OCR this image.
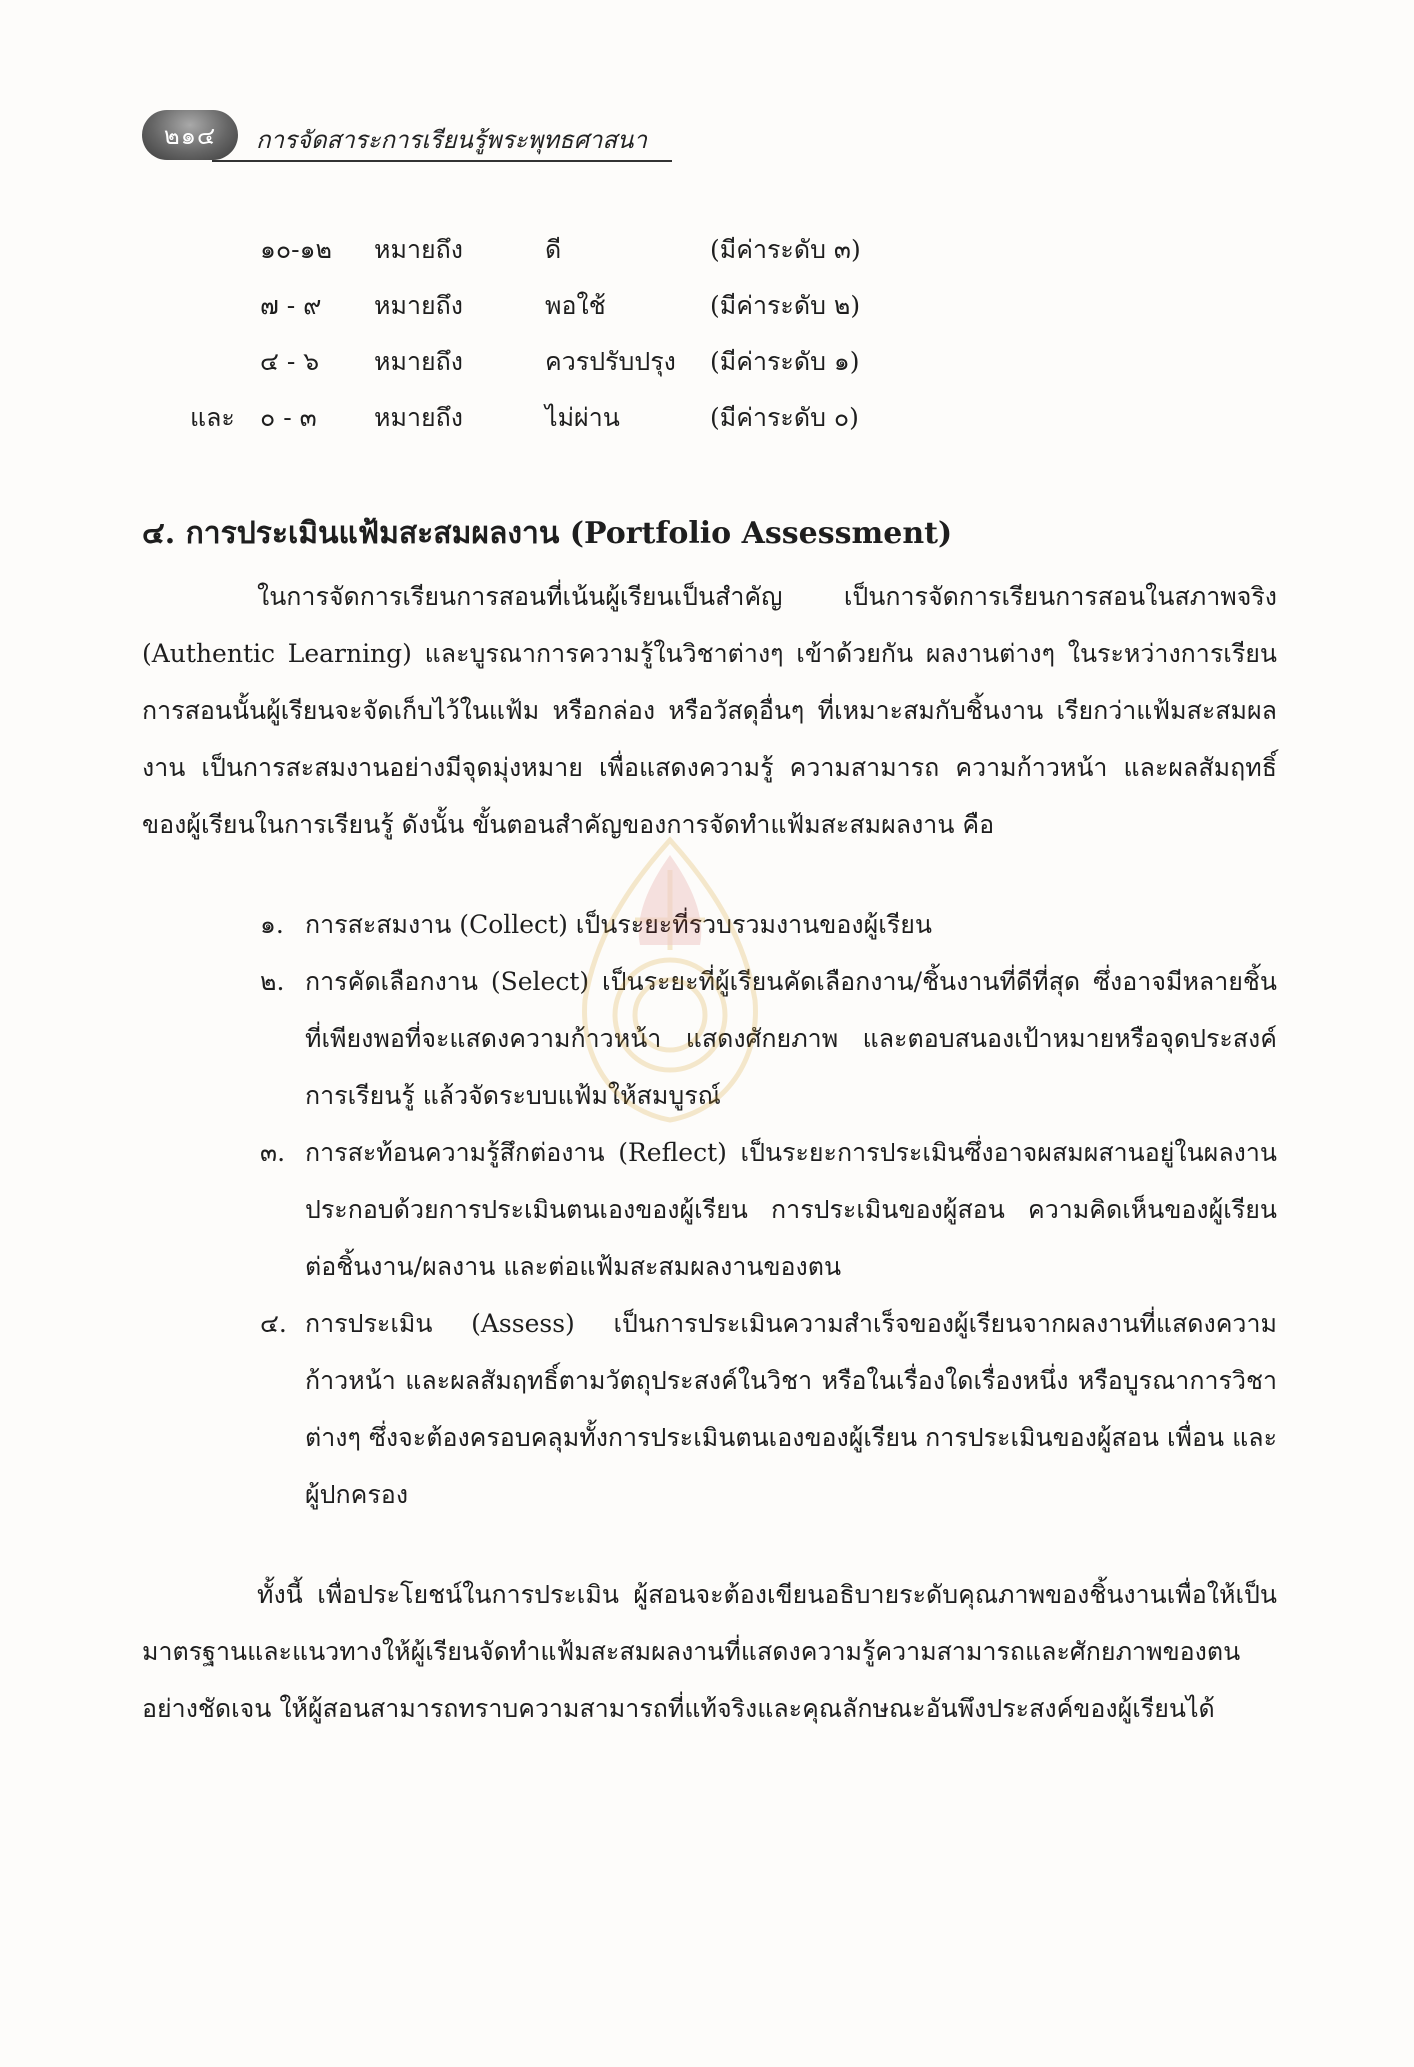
๒๑๔	การจัดสาระการเรียนรู้พระพุทธศาสนา
๑๐-๑๒ หมายถึง	ดี	(มีค่าระดับ ๓)
๗ - ๙ หมายถึง	พอใช้	(มีค่าระดับ ๒)
๔ - ๖ หมายถึง	ควรปรับปรุง (มีค่าระดับ ๑)
และ ๐ - ๓ หมายถึง	ไม่ผ่าน	(มีค่าระดับ ๐)
๔. การประเมินแฟ้มสะสมผลงาน (Portfolio Assessment)

ในการจัดการเรียนการสอนที่เน้นผู้เรียนเป็นสำคัญ เป็นการจัดการเรียนการสอนในสภาพจริง (Authentic Learning) และบูรณาการความรู้ในวิชาต่างๆ เข้าด้วยกัน ผลงานต่างๆ ในระหว่างการเรียนการสอนนั้นผู้เรียนจะจัดเก็บไว้ในแฟ้ม หรือกล่อง หรือวัสดุอื่นๆ ที่เหมาะสมกับชิ้นงาน เรียกว่าแฟ้มสะสมผลงาน เป็นการสะสมงานอย่างมีจุดมุ่งหมาย เพื่อแสดงความรู้ ความสามารถ ความก้าวหน้า และผลสัมฤทธิ์ของผู้เรียนในการเรียนรู้ ดังนั้น ขั้นตอนสำคัญของการจัดทำแฟ้มสะสมผลงาน คือ

๑. การสะสมงาน (Collect) เป็นระยะที่รวบรวมงานของผู้เรียน
๒. การคัดเลือกงาน (Select) เป็นระยะที่ผู้เรียนคัดเลือกงาน/ชิ้นงานที่ดีที่สุด ซึ่งอาจมีหลายชิ้นที่เพียงพอที่จะแสดงความก้าวหน้า แสดงศักยภาพ และตอบสนองเป้าหมายหรือจุดประสงค์การเรียนรู้ แล้วจัดระบบแฟ้มให้สมบูรณ์
๓. การสะท้อนความรู้สึกต่องาน (Reflect) เป็นระยะการประเมินซึ่งอาจผสมผสานอยู่ในผลงาน ประกอบด้วยการประเมินตนเองของผู้เรียน การประเมินของผู้สอน ความคิดเห็นของผู้เรียนต่อชิ้นงาน/ผลงาน และต่อแฟ้มสะสมผลงานของตน
๔. การประเมิน (Assess) เป็นการประเมินความสำเร็จของผู้เรียนจากผลงานที่แสดงความก้าวหน้า และผลสัมฤทธิ์ตามวัตถุประสงค์ในวิชา หรือในเรื่องใดเรื่องหนึ่ง หรือบูรณาการวิชาต่างๆ ซึ่งจะต้องครอบคลุมทั้งการประเมินตนเองของผู้เรียน การประเมินของผู้สอน เพื่อน และผู้ปกครอง

ทั้งนี้ เพื่อประโยชน์ในการประเมิน ผู้สอนจะต้องเขียนอธิบายระดับคุณภาพของชิ้นงานเพื่อให้เป็นมาตรฐานและแนวทางให้ผู้เรียนจัดทำแฟ้มสะสมผลงานที่แสดงความรู้ความสามารถและศักยภาพของตนอย่างชัดเจน ให้ผู้สอนสามารถทราบความสามารถที่แท้จริงและคุณลักษณะอันพึงประสงค์ของผู้เรียนได้
